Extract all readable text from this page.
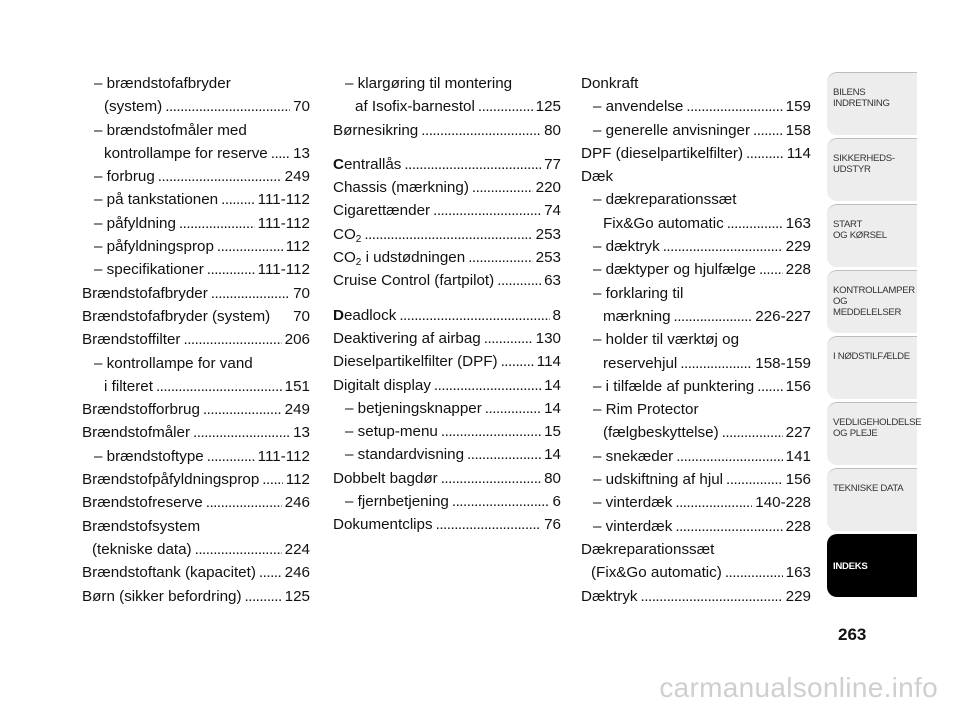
– brændstofafbryder
(system) .....	70
– brændstofmåler med
kontrollampe for reserve ..... 13
– forbrug .....	249
– på tankstationen .....	111-112
– påfyldning .....	111-112
– påfyldningsprop .....	112
– specifikationer .....	111-112
Brændstofafbryder .....	70
Brændstofafbryder (system) 70
Brændstoffilter .....	206
– kontrollampe for vand
i filteret .....	151
Brændstofforbrug .....	249
Brændstofmåler .....	13
– brændstoftype .....	111-112
Brændstofpåfyldningsprop ..... 112
Brændstofreserve .....	246
Brændstofsystem
(tekniske data) .....	224
Brændstoftank (kapacitet) ..... 246
Børn (sikker befordring) .....	125
– klargøring til montering
af Isofix-barnestol .....	125
Børnesikring .....	80
Centrallås .....	77
Chassis (mærkning) .....	220
Cigarettænder .....	74
$CO_2$ .....	253
$CO_2$ i udstødningen .....	253
Cruise Control (fartpilot) .....	63
Deadlock .....	8
Deaktivering af airbag .....	130
Dieselpartikelfilter (DPF) .....	114
Digitalt display .....	14
– betjeningsknapper .....	14
– setup-menu .....	15
– standardvisning .....	14
Dobbelt bagdør .....	80
– fjernbetjening .....	6
Dokumentclips .....	76
Donkraft
– anvendelse .....	159
– generelle anvisninger ..... 158
DPF (dieselpartikelfilter) .....	114
Dæk
– dækreparationssæt
Fix&Go automatic .....	163
– dæktryk .....	229
– dæktyper og hjulfælge ..... 228
– forklaring til
mærkning .....	226-227
– holder til værktøj og
reservehjul .....	158-159
– i tilfælde af punktering ..... 156
– Rim Protector
(fælgbeskyttelse) .....	227
– snekæder .....	141
– udskiftning af hjul .....	156
– vinterdæk .....	140-228
– vinterdæk .....	228
Dækreparationssæt
(Fix&Go automatic) .....	163
Dæktryk .....	229
BILENS
INDRETNING
SIKKERHEDS-
UDSTYR
START
OG KØRSEL
KONTROLLAMPER
OG MEDDELELSER
I NØDSTILFÆLDE
VEDLIGEHOLDELSE
OG PLEJE
TEKNISKE DATA
INDEKS
263
carmanualsonline.info
